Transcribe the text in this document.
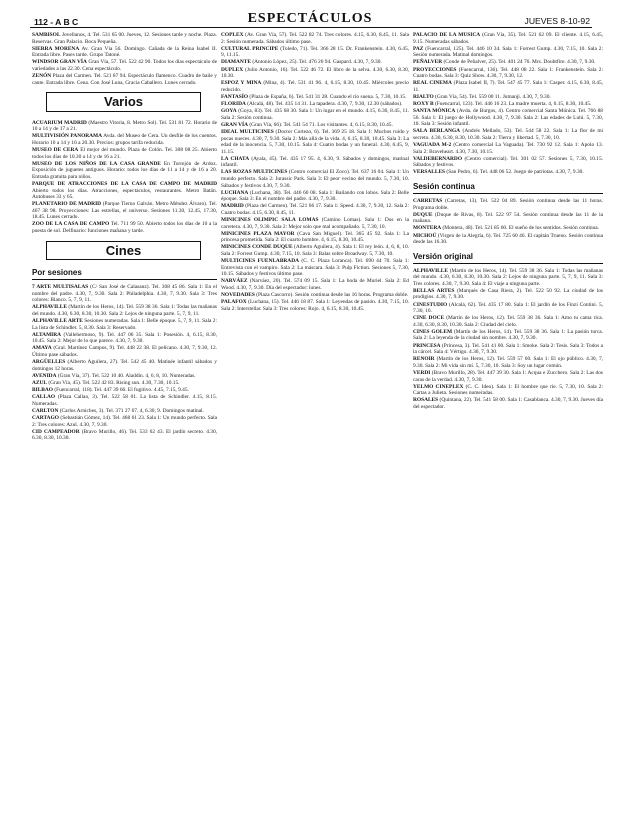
112 - A B C	ESPECTÁCULOS	JUEVES 8-10-92

SAMBISOL Jovellanos, 4. Tel. 531 65 00. Jueves, 12. Sesiones tarde y noche. Plaza. Reservas. Gran Palacio. Boca Pequeña.

SIERRA MORENA Av. Gran Vía 56. Domingo. Cañada de la Reina Isabel II. Entrada libre. Pases tarde. Grupo Tatoné.

WINDSOR GRAN VÍA Gran Vía, 57. Tel. 522 42 90. Todos los días espectáculo de variedades a las 22.30. Cena espectáculo.

ZENÓN Plaza del Carmen. Tel. 521 87 94. Espectáculo flamenco. Cuadro de baile y cante. Entrada libre. Cena. Con José Luna, Gracia Caballero. Lunes cerrado.

Varios

ACUARIUM MADRID (Maestro Vitoria, 8. Metro Sol). Tel. 531 81 72. Horario de 10 a 14 y de 17 a 21.

MULTIVISIÓN PANORAMA Avda. del Museo de Cera. Un desfile de los cuentos. Horario 10 a 14 y 16 a 20.30. Precios: grupos tarifa reducida.

MUSEO DE CERA El mejor del mundo. Plaza de Colón. Tel. 308 08 25. Abierto todos los días de 10.30 a 14 y de 16 a 21.

MUSEO DE LOS NIÑOS DE LA CASA GRANDE En Torrejón de Ardoz. Exposición de juguetes antiguos. Horario: todos los días de 11 a 14 y de 16 a 20. Entrada gratuita para niños.

PARQUE DE ATRACCIONES DE LA CASA DE CAMPO DE MADRID Abierto todos los días. Atracciones, espectáculos, restaurantes. Metro Batán. Autobuses 33 y 65.

PLANETARIO DE MADRID (Parque Tierno Galván. Metro Méndez Álvaro). Tel. 467 38 98. Proyecciones: Las estrellas, el universo. Sesiones 11.30, 12.45, 17.30, 18.45. Lunes cerrado.

ZOO DE LA CASA DE CAMPO Tel. 711 99 50. Abierto todos los días de 10 a la puesta de sol. Delfinario: funciones mañana y tarde.

Cines
Por sesiones

7 ARTE MULTISALAS (C/ San José de Calasanz). Tel. 308 45 86. Sala 1: En el nombre del padre. 4.30, 7, 9.30. Sala 2: Philadelphia. 4.30, 7, 9.30. Sala 3: Tres colores: Blanco. 5, 7, 9, 11.

ALPHAVILLE (Martín de los Heros, 14). Tel. 559 38 36. Sala 1: Todas las mañanas del mundo. 4.30, 6.30, 8.30, 10.30. Sala 2: Lejos de ninguna parte. 5, 7, 9, 11.

ALPHAVILLE ARTE Sesiones numeradas. Sala 1: Belle époque. 5, 7, 9, 11. Sala 2: La lista de Schindler. 5, 8.30. Sala 3: Reservado.

ALTAMIRA (Vallehermoso, 9). Tel. 447 06 35. Sala 1: Posesión. 4, 6.15, 8.30, 10.45. Sala 2: Mejor de lo que parece. 4.30, 7, 9.30.

AMAYA (Gral. Martínez Campos, 9). Tel. 448 22 38. El pelícano. 4.30, 7, 9.30, 12. Último pase sábados.

ARGÜELLES (Alberto Aguilera, 27). Tel. 542 45 40. Matinée infantil sábados y domingos 12 horas.

AVENIDA (Gran Vía, 37). Tel. 522 10 40. Aladdin. 4, 6, 8, 10. Numeradas.

AZUL (Gran Vía, 45). Tel. 522 42 83. Rising sun. 4.30, 7.30, 10.15.

BILBAO (Fuencarral, 118). Tel. 447 39 66. El fugitivo. 4.45, 7.15, 9.45.

CALLAO (Plaza Callao, 3). Tel. 522 58 01. La lista de Schindler. 4.15, 8.15. Numeradas.

CARLTON (Carlos Arniches, 3). Tel. 371 27 67. 4, 6.30, 9. Domingos matinal.

CARTAGO (Sebastián Gómez, 14). Tel. 468 61 23. Sala 1: Un mundo perfecto. Sala 2: Tres colores: Azul. 4.30, 7, 9.30.

CID CAMPEADOR (Bravo Murillo, 46). Tel. 533 62 43. El jardín secreto. 4.30, 6.30, 8.30, 10.30.

COPLEX (Av. Gran Vía, 57). Tel. 522 82 74. Tres colores. 4.15, 6.30, 8.45, 11. Sala 2: Sesión numerada. Sábados último pase.

CULTURAL PRINCIPE (Toledo, 71). Tel. 366 28 15. Dr. Frankenstein. 4.30, 6.45, 9, 11.15.

DIAMANTE (Antonio López, 25). Tel. 476 26 94. Gaspard. 4.30, 7, 9.30.

DUPLEX (Julio Antonio, 16). Tel. 522 46 72. El libro de la selva. 4.30, 6.30, 8.30, 10.30.

ESPOZ Y MINA (Mina, 4). Tel. 531 41 96. 4, 6.15, 8.30, 10.45. Miércoles precio reducido.

FANTASÍO (Plaza de España, 6). Tel. 541 31 28. Cuando el río suena. 5, 7.30, 10.15.

FLORIDA (Alcalá, 48). Tel. 435 14 31. La tapadera. 4.30, 7, 9.30, 12.30 (sábados).

GOYA (Goya, 83). Tel. 435 68 30. Sala 1: Un lugar en el mundo. 4.15, 6.30, 8.45, 11. Sala 2: Sesión continua.

GRAN VÍA (Gran Vía, 66). Tel. 541 54 71. Los visitantes. 4, 6.15, 8.30, 10.45.

IDEAL MULTICINES (Doctor Cortezo, 6). Tel. 369 25 18. Sala 1: Muchos ruido y pocas nueces. 4.30, 7, 9.30. Sala 2: Más allá de la vida. 4, 6.15, 8.30, 10.45. Sala 3: La edad de la inocencia. 5, 7.30, 10.15. Sala 4: Cuatro bodas y un funeral. 4.30, 6.45, 9, 11.15.

LA CHATA (Ayala, 45). Tel. 435 17 95. 4, 6.30, 9. Sábados y domingos, matinal infantil.

LAS ROZAS MULTICINES (Centro comercial El Zoco). Tel. 637 16 04. Sala 1: Un mundo perfecto. Sala 2: Jurassic Park. Sala 3: El peor vecino del mundo. 5, 7.30, 10. Sábados y festivos 4.30, 7, 9.30.

LUCHANA (Luchana, 38). Tel. 446 60 08. Sala 1: Bailando con lobos. Sala 2: Belle époque. Sala 3: En el nombre del padre. 4.30, 7, 9.30.

MADRID (Plaza del Carmen). Tel. 521 66 17. Sala 1: Speed. 4.30, 7, 9.30, 12. Sala 2: Cuatro bodas. 4.15, 6.30, 8.45, 11.

MINICINES OLIMPIC SALA LOMAS (Camino Lomas). Sala 1: Dos en la carretera. 4.30, 7, 9.30. Sala 2: Mejor solo que mal acompañado. 5, 7.30, 10.

MINICINES PLAZA MAYOR (Cava San Miguel). Tel. 365 45 92. Sala 1: La princesa prometida. Sala 2: El cuarto hombre. 4, 6.15, 8.30, 10.45.

MINICINES CONDE DUQUE (Alberto Aguilera, 4). Sala 1: El rey león. 4, 6, 8, 10. Sala 2: Forrest Gump. 4.30, 7.15, 10. Sala 3: Balas sobre Broadway. 5, 7.30, 10.

MULTICINES FUENLABRADA (C. C. Plaza Loranca). Tel. 690 44 70. Sala 1: Entrevista con el vampiro. Sala 2: La máscara. Sala 3: Pulp Fiction. Sesiones 5, 7.30, 10.15. Sábados y festivos último pase.

NARVÁEZ (Narváez, 20). Tel. 574 09 15. Sala 1: La boda de Muriel. Sala 2: Ed Wood. 4.30, 7, 9.30. Día del espectador: lunes.

NOVEDADES (Plaza Cascorro). Sesión continua desde las 16 horas. Programa doble.

PALAFOX (Luchana, 15). Tel. 446 18 87. Sala 1: Leyendas de pasión. 4.30, 7.15, 10. Sala 2: Interstellar. Sala 3: Tres colores: Rojo. 4, 6.15, 8.30, 10.45.

PALACIO DE LA MÚSICA (Gran Vía, 35). Tel. 521 62 09. El cliente. 4.15, 6.45, 9.15. Numeradas sábados.

PAZ (Fuencarral, 125). Tel. 446 10 34. Sala 1: Forrest Gump. 4.30, 7.15, 10. Sala 2: Sesión numerada. Matinal domingos.

PEÑALVER (Conde de Peñalver, 25). Tel. 401 24 76. Mrs. Doubtfire. 4.30, 7, 9.30.

PROYECCIONES (Fuencarral, 136). Tel. 448 08 22. Sala 1: Frankenstein. Sala 2: Cuatro bodas. Sala 3: Quiz Show. 4.30, 7, 9.30, 12.

REAL CINEMA (Plaza Isabel II, 7). Tel. 547 45 77. Sala 1: Casper. 4.15, 6.30, 8.45, 11.

RIALTO (Gran Vía, 54). Tel. 559 00 11. Jumanji. 4.30, 7, 9.30.

ROXY B (Fuencarral, 123). Tel. 446 16 23. La madre muerta. 4, 6.15, 8.30, 10.45.

SANTA MÓNICA (Avda. de Burgos, 4). Centro comercial Santa Mónica. Tel. 766 88 56. Sala 1: El juego de Hollywood. 4.30, 7, 9.30. Sala 2: Las edades de Lulú. 5, 7.30, 10. Sala 3: Sesión infantil.

SALA BERLANGA (Andrés Mellado, 53). Tel. 544 58 22. Sala 1: La flor de mi secreto. 4.30, 6.30, 8.30, 10.30. Sala 2: Tierra y libertad. 5, 7.30, 10.

VAGUADA M-2 (Centro comercial La Vaguada). Tel. 730 92 12. Sala 1: Apolo 13. Sala 2: Braveheart. 4.30, 7.30, 10.15.

VALDEBERNARDO (Centro comercial). Tel. 301 02 57. Sesiones 5, 7.30, 10.15. Sábados y festivos.

VERSALLES (San Pedro, 6). Tel. 448 06 52. Juego de patriotas. 4.30, 7, 9.30.

Sesión continua

CARRETAS (Carretas, 13). Tel. 522 04 89. Sesión continua desde las 11 horas. Programa doble.

DUQUE (Duque de Rivas, 8). Tel. 522 97 54. Sesión continua desde las 11 de la mañana.

MONTERA (Montera, 48). Tel. 521 85 60. El sueño de los sentidos. Sesión continua.

MICHOÚ (Virgen de la Alegría, 6). Tel. 725 60 46. El capitán Trueno. Sesión continua desde las 16.30.

Versión original

ALPHAVILLE (Martín de los Heros, 14). Tel. 559 38 36. Sala 1: Todas las mañanas del mundo. 4.30, 6.30, 8.30, 10.30. Sala 2: Lejos de ninguna parte. 5, 7, 9, 11. Sala 3: Tres colores. 4.30, 7, 9.30. Sala 4: El viaje a ninguna parte.

BELLAS ARTES (Marqués de Casa Riera, 2). Tel. 522 50 92. La ciudad de los prodigios. 4.30, 7, 9.30.

CINESTUDIO (Alcalá, 62). Tel. 435 17 80. Sala 1: El jardín de los Finzi Contini. 5, 7.30, 10.

CINE DOCE (Martín de los Heros, 12). Tel. 559 38 36. Sala 1: Amo tu cama rica. 4.30, 6.30, 8.30, 10.30. Sala 2: Ciudad del cielo.

CINES GOLEM (Martín de los Heros, 14). Tel. 559 38 36. Sala 1: La pasión turca. Sala 2: La leyenda de la ciudad sin nombre. 4.30, 7, 9.30.

PRINCESA (Princesa, 3). Tel. 541 41 00. Sala 1: Smoke. Sala 2: Tesis. Sala 3: Todos a la cárcel. Sala 4: Vértigo. 4.30, 7, 9.30.

RENOIR (Martín de los Heros, 12). Tel. 559 57 60. Sala 1: El ojo público. 4.30, 7, 9.30. Sala 2: Mi vida sin mí. 5, 7.30, 10. Sala 3: Soy un lugar común.

VERDI (Bravo Murillo, 28). Tel. 447 39 30. Sala 1: Acqua e Zucchero. Sala 2: Las dos caras de la verdad. 4.30, 7, 9.30.

YELMO CINEPLEX (C. C. Ideo). Sala 1: El hombre que ríe. 5, 7.30, 10. Sala 2: Cartas a Julieta. Sesiones numeradas.

ROSALES (Quintana, 22). Tel. 541 58 00. Sala 1: Casablanca. 4.30, 7, 9.30. Jueves día del espectador.
